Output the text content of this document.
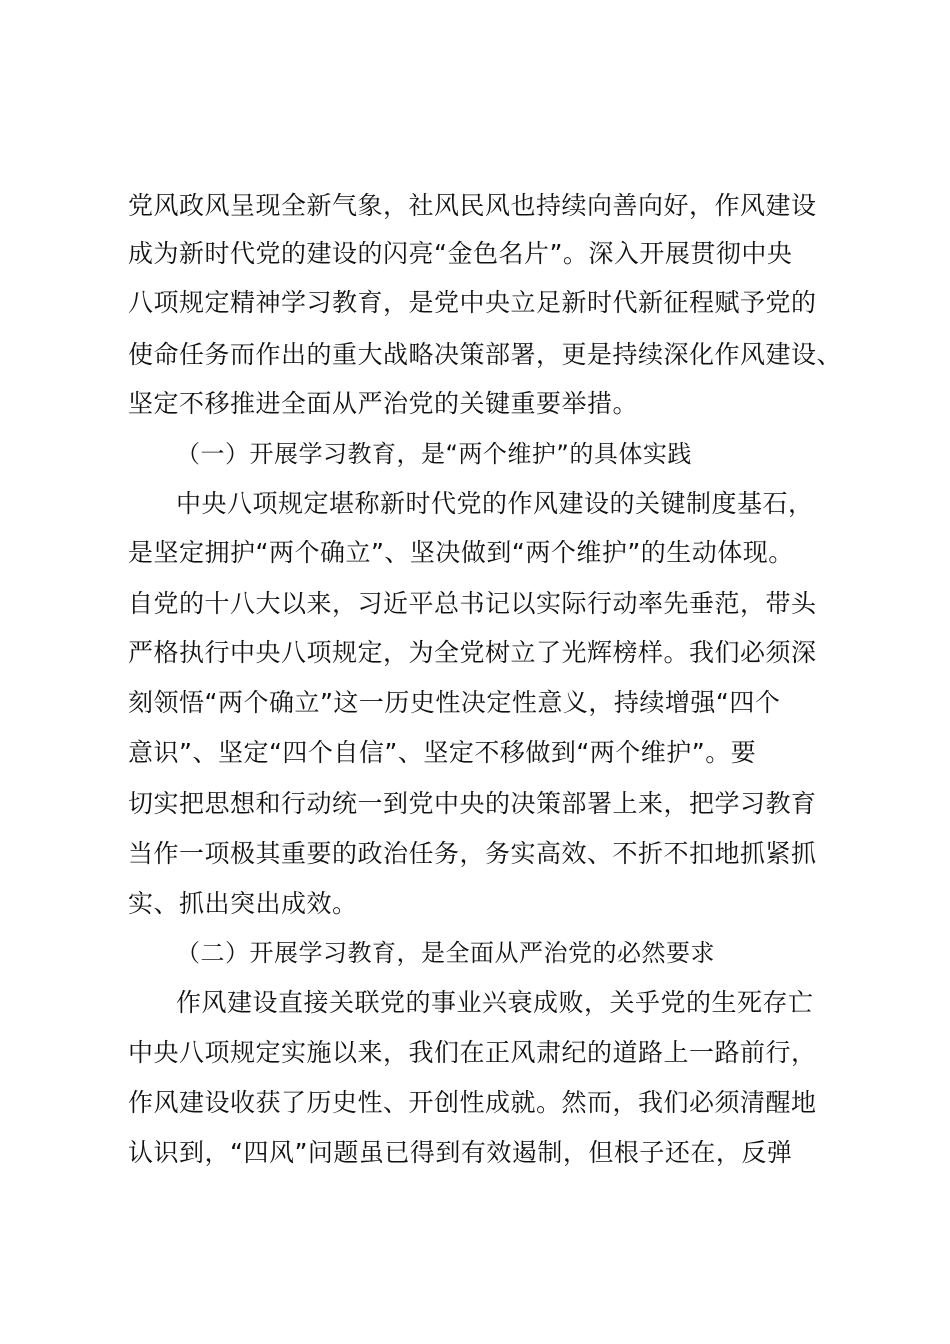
党风政风呈现全新气象，社风民风也持续向善向好，作风建设
成为新时代党的建设的闪亮“金色名片”。深入开展贯彻中央
八项规定精神学习教育，是党中央立足新时代新征程赋予党的
使命任务而作出的重大战略决策部署，更是持续深化作风建设、
坚定不移推进全面从严治党的关键重要举措。
（一）开展学习教育，是“两个维护”的具体实践
中央八项规定堪称新时代党的作风建设的关键制度基石，
是坚定拥护“两个确立”、坚决做到“两个维护”的生动体现。
自党的十八大以来，习近平总书记以实际行动率先垂范，带头
严格执行中央八项规定，为全党树立了光辉榜样。我们必须深
刻领悟“两个确立”这一历史性决定性意义，持续增强“四个
意识”、坚定“四个自信”、坚定不移做到“两个维护”。要
切实把思想和行动统一到党中央的决策部署上来，把学习教育
当作一项极其重要的政治任务，务实高效、不折不扣地抓紧抓
实、抓出突出成效。
（二）开展学习教育，是全面从严治党的必然要求
作风建设直接关联党的事业兴衰成败，关乎党的生死存亡
中央八项规定实施以来，我们在正风肃纪的道路上一路前行，
作风建设收获了历史性、开创性成就。然而，我们必须清醒地
认识到，“四风”问题虽已得到有效遏制，但根子还在，反弹
